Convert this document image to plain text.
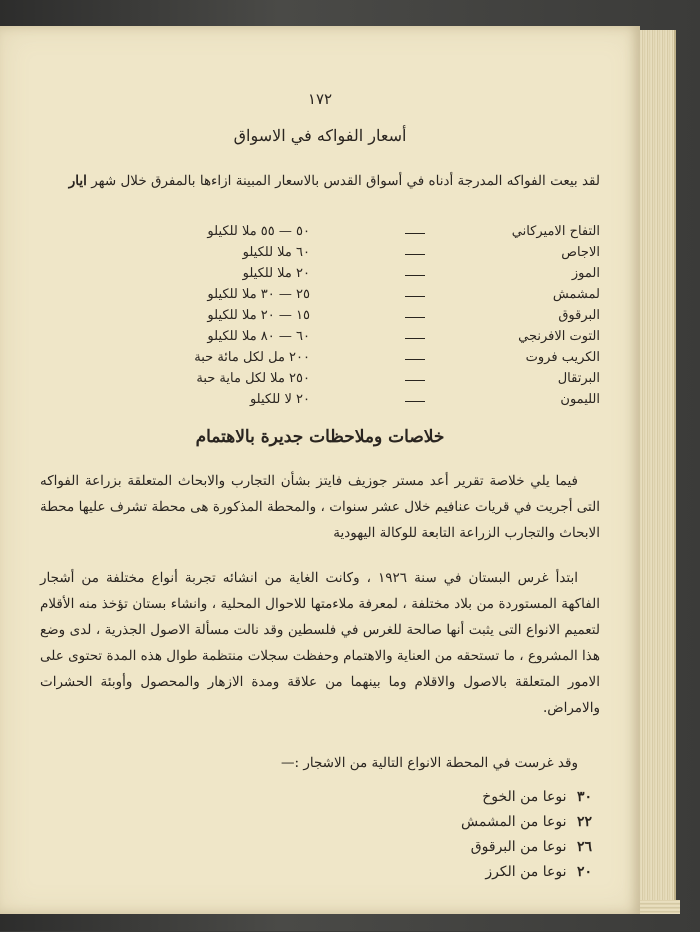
١٧٢
أسعار الفواكه في الاسواق
لقد بيعت الفواكه المدرجة أدناه في أسواق القدس بالاسعار المبينة ازاءها بالمفرق خلال شهر ايار
التفاح الاميركاني
٥٠ — ٥٥ ملا للكيلو
الاجاص
٦٠ ملا للكيلو
الموز
٢٠ ملا للكيلو
لمشمش
٢٥ — ٣٠ ملا للكيلو
البرقوق
١٥ — ٢٠ ملا للكيلو
التوت الافرنجي
٦٠ — ٨٠ ملا للكيلو
الكريب فروت
٢٠٠ مل لكل مائة حبة
البرتقال
٢٥٠ ملا لكل ماية حبة
الليمون
٢٠ لا للكيلو
خلاصات وملاحظات جديرة بالاهتمام
فيما يلي خلاصة تقرير أعد مستر جوزيف فايتز بشأن التجارب والابحاث المتعلقة بزراعة الفواكه التى أجريت في قريات عنافيم خلال عشر سنوات ، والمحطة المذكورة هى محطة تشرف عليها محطة الابحاث والتجارب الزراعة التابعة للوكالة اليهودية
ابتدأ غرس البستان في سنة ١٩٢٦ ، وكانت الغاية من انشائه تجربة أنواع مختلفة من أشجار الفاكهة المستوردة من بلاد مختلفة ، لمعرفة ملاءمتها للاحوال المحلية ، وانشاء بستان تؤخذ منه الأقلام لتعميم الانواع التى يثبت أنها صالحة للغرس في فلسطين وقد نالت مسألة الاصول الجذرية ، لدى وضع هذا المشروع ، ما تستحقه من العناية والاهتمام وحفظت سجلات منتظمة طوال هذه المدة تحتوى على الامور المتعلقة بالاصول والاقلام وما بينهما من علاقة ومدة الازهار والمحصول وأوبئة الحشرات والامراض.
وقد غرست في المحطة الانواع التالية من الاشجار :—
٣٠ نوعا من الخوخ
٢٢ نوعا من المشمش
٢٦ نوعا من البرقوق
٢٠ نوعا من الكرز
